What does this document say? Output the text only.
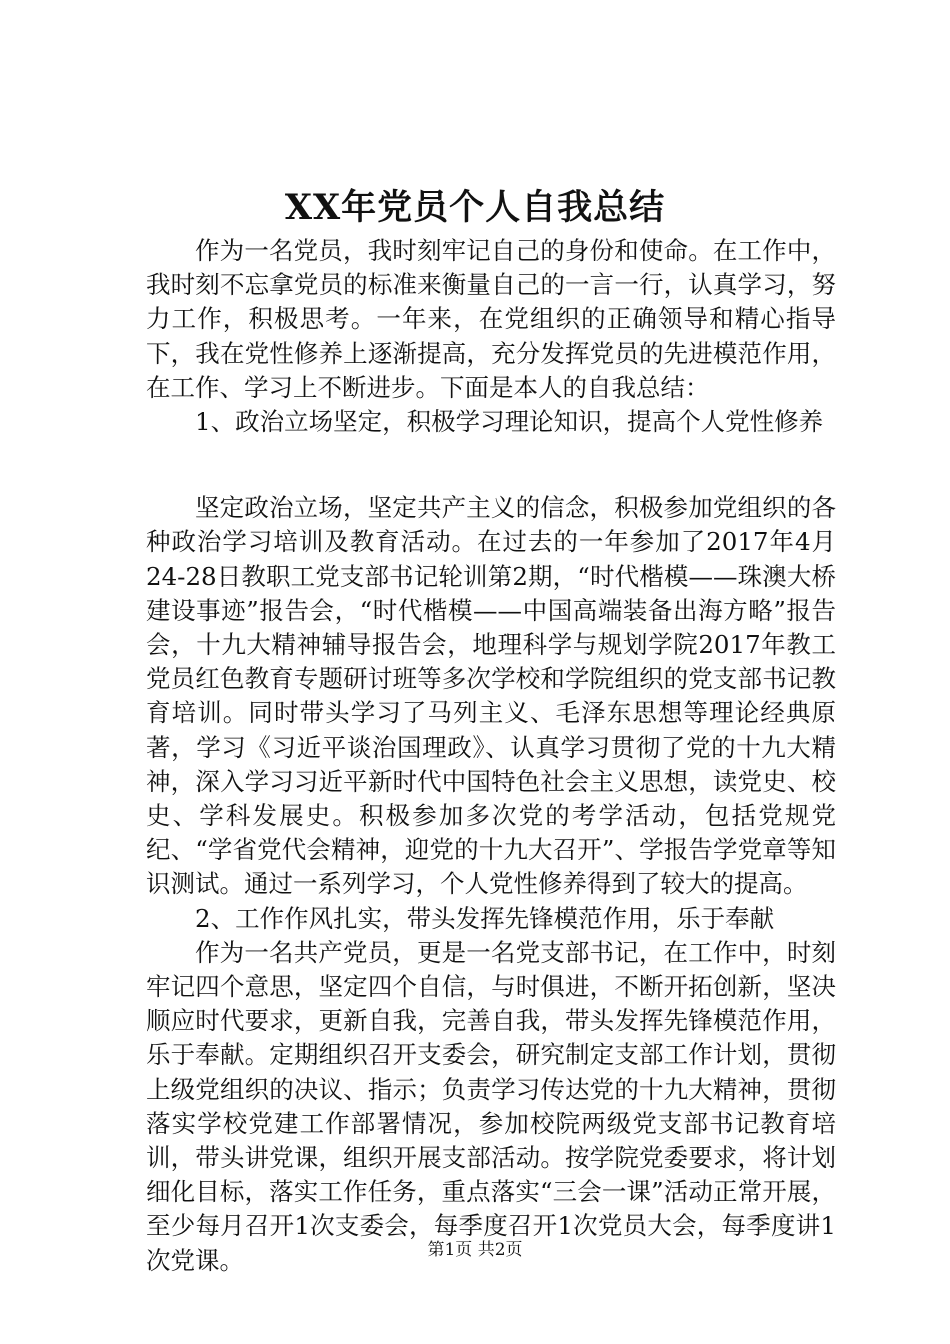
XX年党员个人自我总结

作为一名党员，我时刻牢记自己的身份和使命。在工作中，我时刻不忘拿党员的标准来衡量自己的一言一行，认真学习，努力工作，积极思考。一年来，在党组织的正确领导和精心指导下，我在党性修养上逐渐提高，充分发挥党员的先进模范作用，在工作、学习上不断进步。下面是本人的自我总结：

1、政治立场坚定，积极学习理论知识，提高个人党性修养

坚定政治立场，坚定共产主义的信念，积极参加党组织的各种政治学习培训及教育活动。在过去的一年参加了2017年4月24-28日教职工党支部书记轮训第2期，“时代楷模——珠澳大桥建设事迹”报告会，“时代楷模——中国高端装备出海方略”报告会，十九大精神辅导报告会，地理科学与规划学院2017年教工党员红色教育专题研讨班等多次学校和学院组织的党支部书记教育培训。同时带头学习了马列主义、毛泽东思想等理论经典原著，学习《习近平谈治国理政》、认真学习贯彻了党的十九大精神，深入学习习近平新时代中国特色社会主义思想，读党史、校史、学科发展史。积极参加多次党的考学活动，包括党规党纪、“学省党代会精神，迎党的十九大召开”、学报告学党章等知识测试。通过一系列学习，个人党性修养得到了较大的提高。

2、工作作风扎实，带头发挥先锋模范作用，乐于奉献

作为一名共产党员，更是一名党支部书记，在工作中，时刻牢记四个意思，坚定四个自信，与时俱进，不断开拓创新，坚决顺应时代要求，更新自我，完善自我，带头发挥先锋模范作用，乐于奉献。定期组织召开支委会，研究制定支部工作计划，贯彻上级党组织的决议、指示；负责学习传达党的十九大精神，贯彻落实学校党建工作部署情况，参加校院两级党支部书记教育培训，带头讲党课，组织开展支部活动。按学院党委要求，将计划细化目标，落实工作任务，重点落实“三会一课”活动正常开展，至少每月召开1次支委会，每季度召开1次党员大会，每季度讲1次党课。	第1页 共2页
